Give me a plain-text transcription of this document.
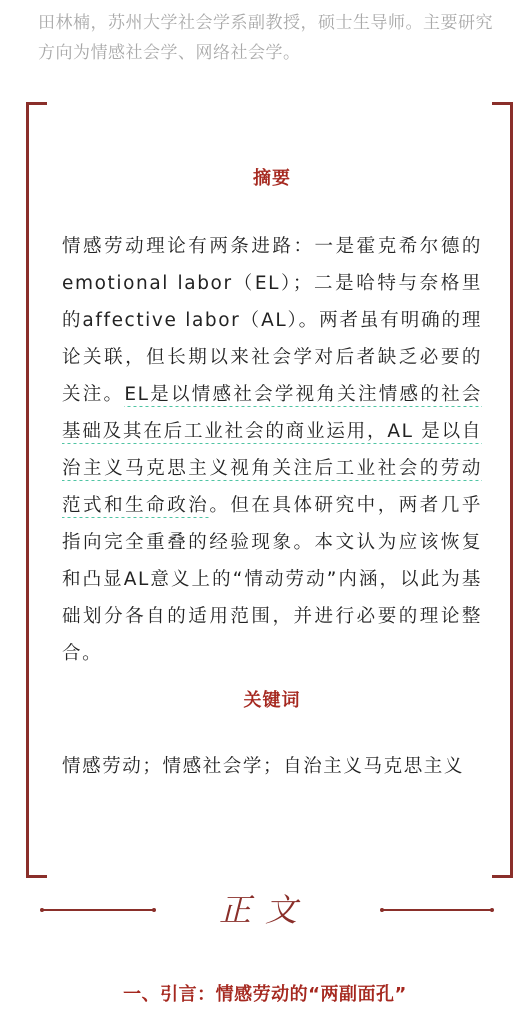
田林楠，苏州大学社会学系副教授，硕士生导师。主要研究方向为情感社会学、网络社会学。
摘要
情感劳动理论有两条进路：一是霍克希尔德的 emotional labor（EL）；二是哈特与奈格里的affective labor（AL）。两者虽有明确的理论关联，但长期以来社会学对后者缺乏必要的关注。EL是以情感社会学视角关注情感的社会基础及其在后工业社会的商业运用，AL 是以自治主义马克思主义视角关注后工业社会的劳动范式和生命政治。但在具体研究中，两者几乎指向完全重叠的经验现象。本文认为应该恢复和凸显AL意义上的“情动劳动”内涵，以此为基础划分各自的适用范围，并进行必要的理论整合。
关键词
情感劳动；情感社会学；自治主义马克思主义
正文
一、引言：情感劳动的“两副面孔”
